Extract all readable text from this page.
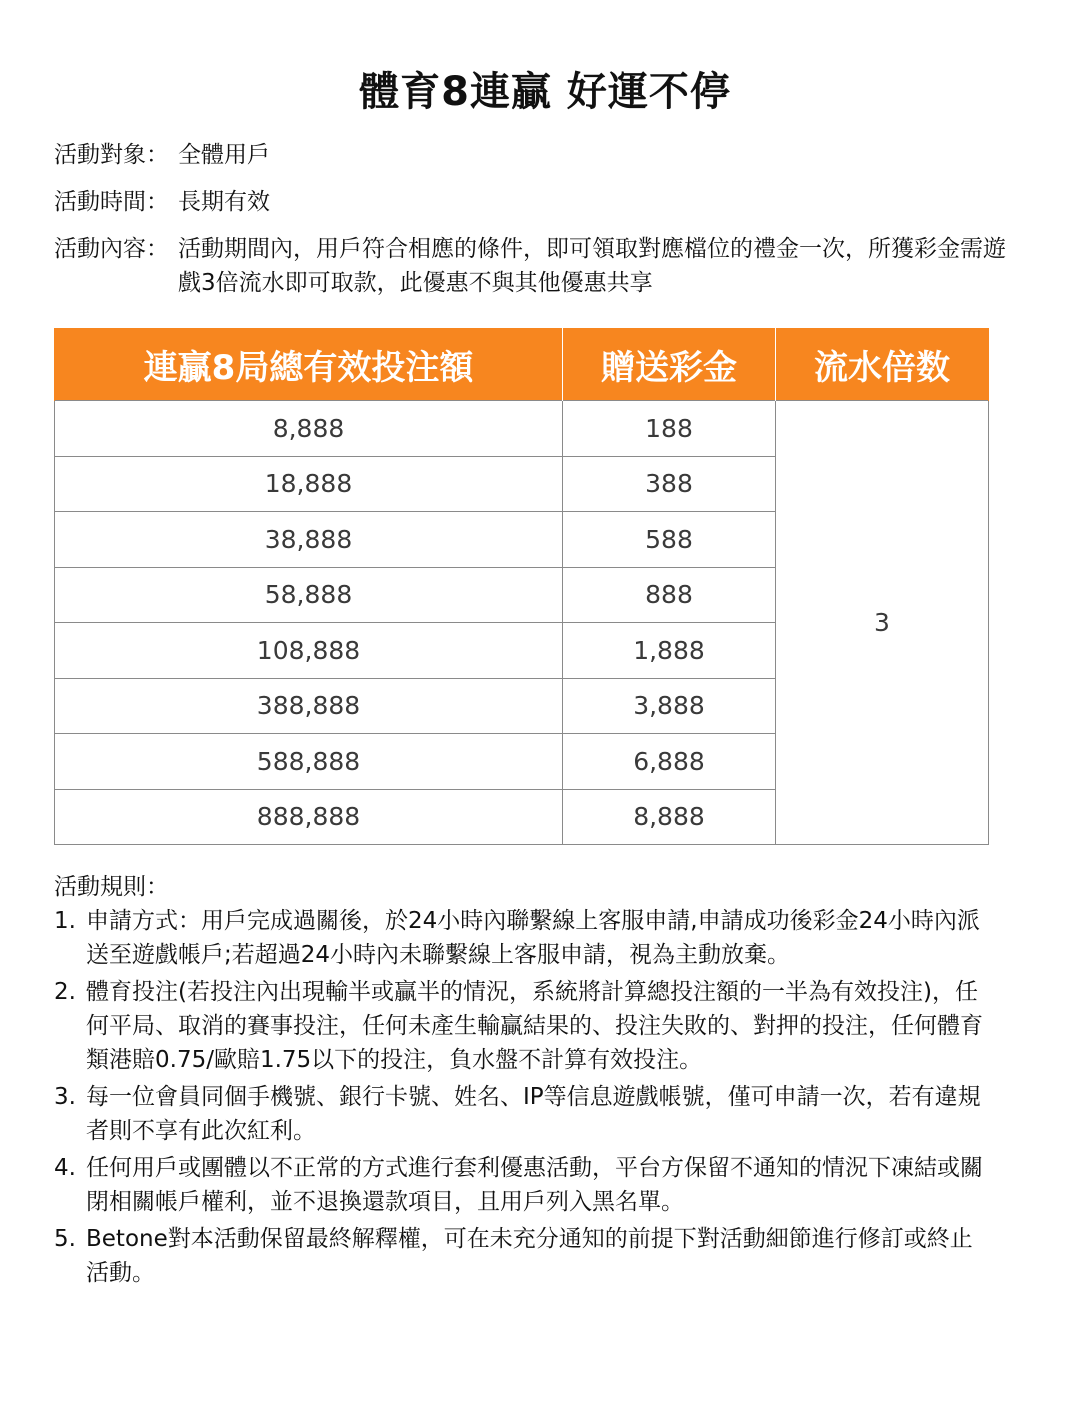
體育8連贏 好運不停
活動對象： 全體用戶
活動時間： 長期有效
活動內容： 活動期間內，用戶符合相應的條件，即可領取對應檔位的禮金一次，所獲彩金需遊戲3倍流水即可取款，此優惠不與其他優惠共享
連贏8局總有效投注額	贈送彩金	流水倍数
8,888	188	3
18,888	388	
38,888	588	
58,888	888	
108,888	1,888	
388,888	3,888	
588,888	6,888	
888,888	8,888	
活動規則：
1. 申請方式：用戶完成過關後，於24小時內聯繫線上客服申請,申請成功後彩金24小時內派送至遊戲帳戶;若超過24小時內未聯繫線上客服申請，視為主動放棄。
2. 體育投注(若投注內出現輸半或贏半的情況，系統將計算總投注額的一半為有效投注)，任何平局、取消的賽事投注，任何未產生輸贏結果的、投注失敗的、對押的投注，任何體育類港賠0.75/歐賠1.75以下的投注，負水盤不計算有效投注。
3. 每一位會員同個手機號、銀行卡號、姓名、IP等信息遊戲帳號，僅可申請一次，若有違規者則不享有此次紅利。
4. 任何用戶或團體以不正常的方式進行套利優惠活動，平台方保留不通知的情況下凍結或關閉相關帳戶權利，並不退換還款項目，且用戶列入黑名單。
5. Betone對本活動保留最終解釋權，可在未充分通知的前提下對活動細節進行修訂或終止活動。
